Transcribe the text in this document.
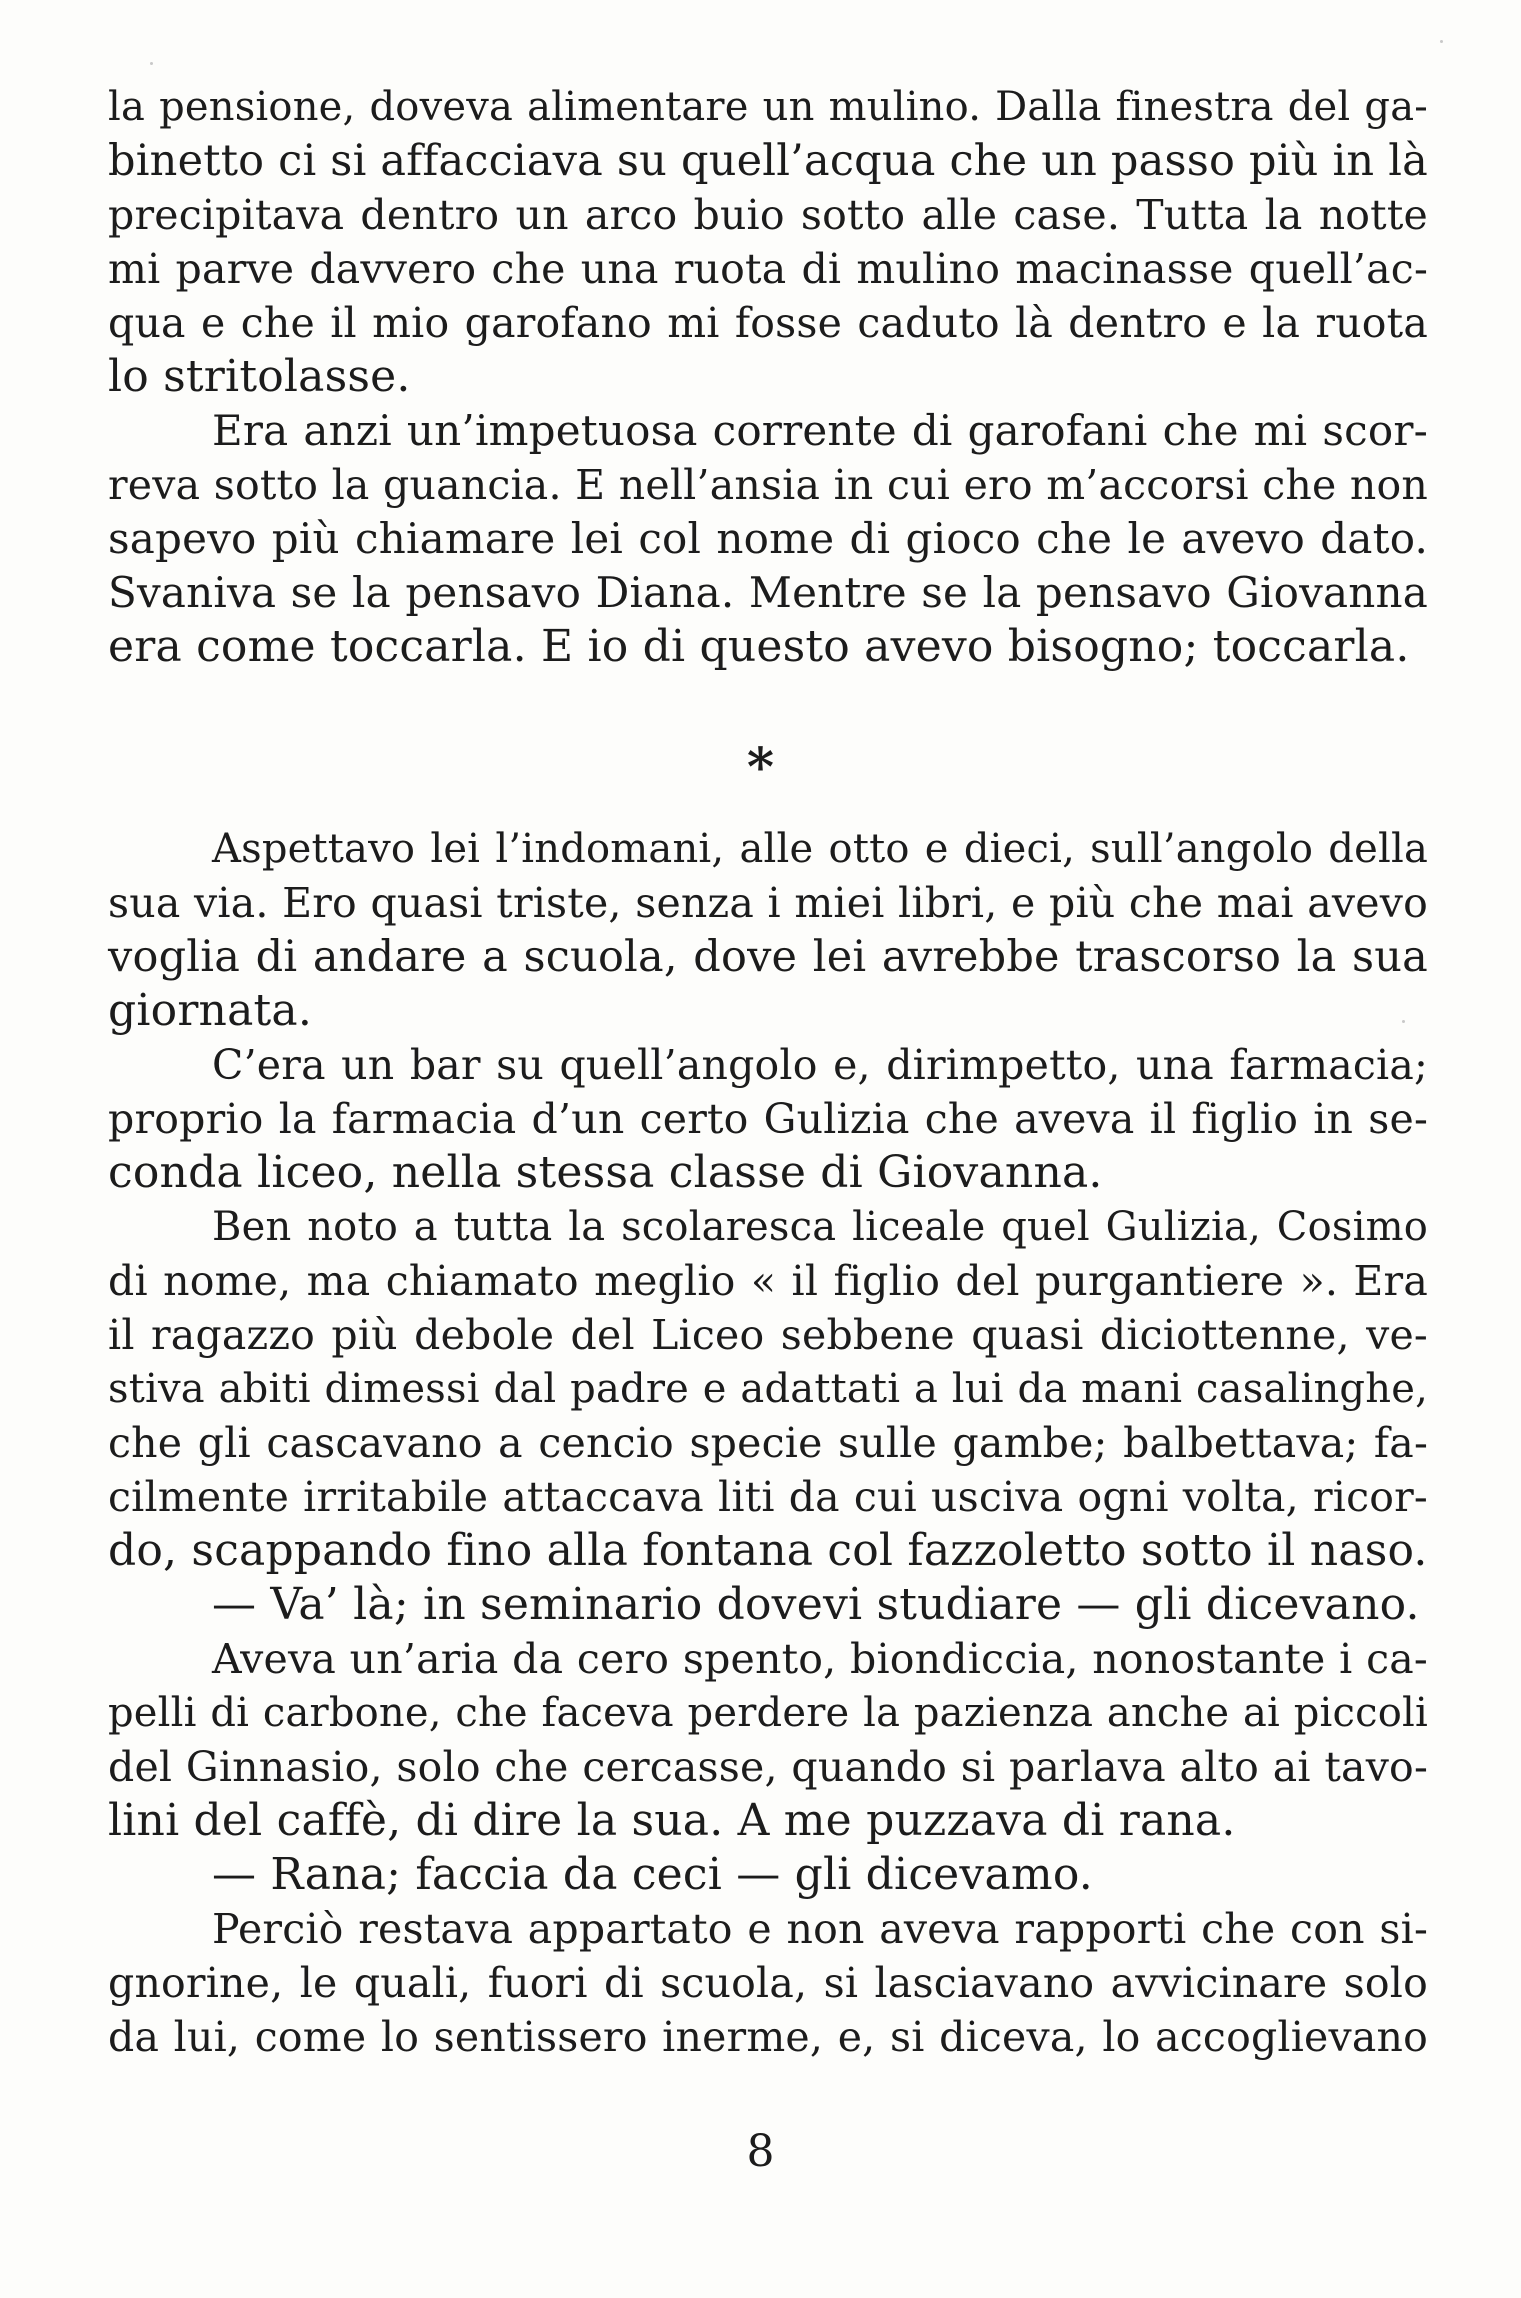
la pensione, doveva alimentare un mulino. Dalla finestra del ga-
binetto ci si affacciava su quell’acqua che un passo più in là
precipitava dentro un arco buio sotto alle case. Tutta la notte
mi parve davvero che una ruota di mulino macinasse quell’ac-
qua e che il mio garofano mi fosse caduto là dentro e la ruota
lo stritolasse.
Era anzi un’impetuosa corrente di garofani che mi scor-
reva sotto la guancia. E nell’ansia in cui ero m’accorsi che non
sapevo più chiamare lei col nome di gioco che le avevo dato.
Svaniva se la pensavo Diana. Mentre se la pensavo Giovanna
era come toccarla. E io di questo avevo bisogno; toccarla.
*
Aspettavo lei l’indomani, alle otto e dieci, sull’angolo della
sua via. Ero quasi triste, senza i miei libri, e più che mai avevo
voglia di andare a scuola, dove lei avrebbe trascorso la sua
giornata.
C’era un bar su quell’angolo e, dirimpetto, una farmacia;
proprio la farmacia d’un certo Gulizia che aveva il figlio in se-
conda liceo, nella stessa classe di Giovanna.
Ben noto a tutta la scolaresca liceale quel Gulizia, Cosimo
di nome, ma chiamato meglio « il figlio del purgantiere ». Era
il ragazzo più debole del Liceo sebbene quasi diciottenne, ve-
stiva abiti dimessi dal padre e adattati a lui da mani casalinghe,
che gli cascavano a cencio specie sulle gambe; balbettava; fa-
cilmente irritabile attaccava liti da cui usciva ogni volta, ricor-
do, scappando fino alla fontana col fazzoletto sotto il naso.
— Va’ là; in seminario dovevi studiare — gli dicevano.
Aveva un’aria da cero spento, biondiccia, nonostante i ca-
pelli di carbone, che faceva perdere la pazienza anche ai piccoli
del Ginnasio, solo che cercasse, quando si parlava alto ai tavo-
lini del caffè, di dire la sua. A me puzzava di rana.
— Rana; faccia da ceci — gli dicevamo.
Perciò restava appartato e non aveva rapporti che con si-
gnorine, le quali, fuori di scuola, si lasciavano avvicinare solo
da lui, come lo sentissero inerme, e, si diceva, lo accoglievano
8
